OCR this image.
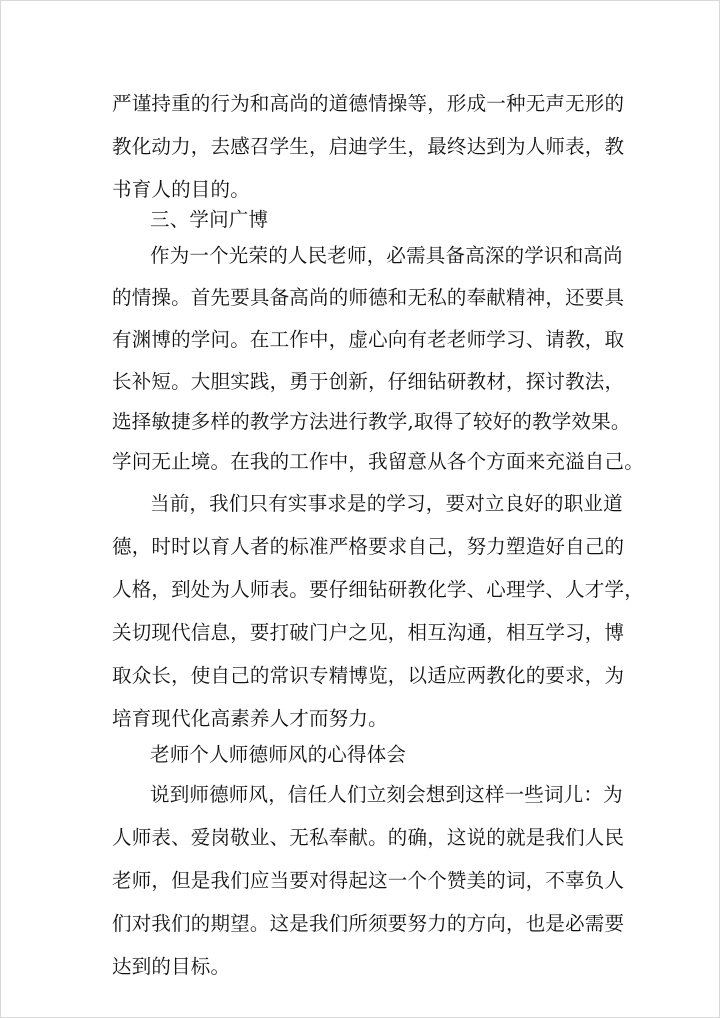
严谨持重的行为和高尚的道德情操等，形成一种无声无形的
教化动力，去感召学生，启迪学生，最终达到为人师表，教
书育人的目的。
三、学问广博
作为一个光荣的人民老师，必需具备高深的学识和高尚
的情操。首先要具备高尚的师德和无私的奉献精神，还要具
有渊博的学问。在工作中，虚心向有老老师学习、请教，取
长补短。大胆实践，勇于创新，仔细钻研教材，探讨教法，
选择敏捷多样的教学方法进行教学,取得了较好的教学效果。
学问无止境。在我的工作中，我留意从各个方面来充溢自己。
当前，我们只有实事求是的学习，要对立良好的职业道
德，时时以育人者的标准严格要求自己，努力塑造好自己的
人格，到处为人师表。要仔细钻研教化学、心理学、人才学，
关切现代信息，要打破门户之见，相互沟通，相互学习，博
取众长，使自己的常识专精博览，以适应两教化的要求，为
培育现代化高素养人才而努力。
老师个人师德师风的心得体会
说到师德师风，信任人们立刻会想到这样一些词儿：为
人师表、爱岗敬业、无私奉献。的确，这说的就是我们人民
老师，但是我们应当要对得起这一个个赞美的词，不辜负人
们对我们的期望。这是我们所须要努力的方向，也是必需要
达到的目标。
